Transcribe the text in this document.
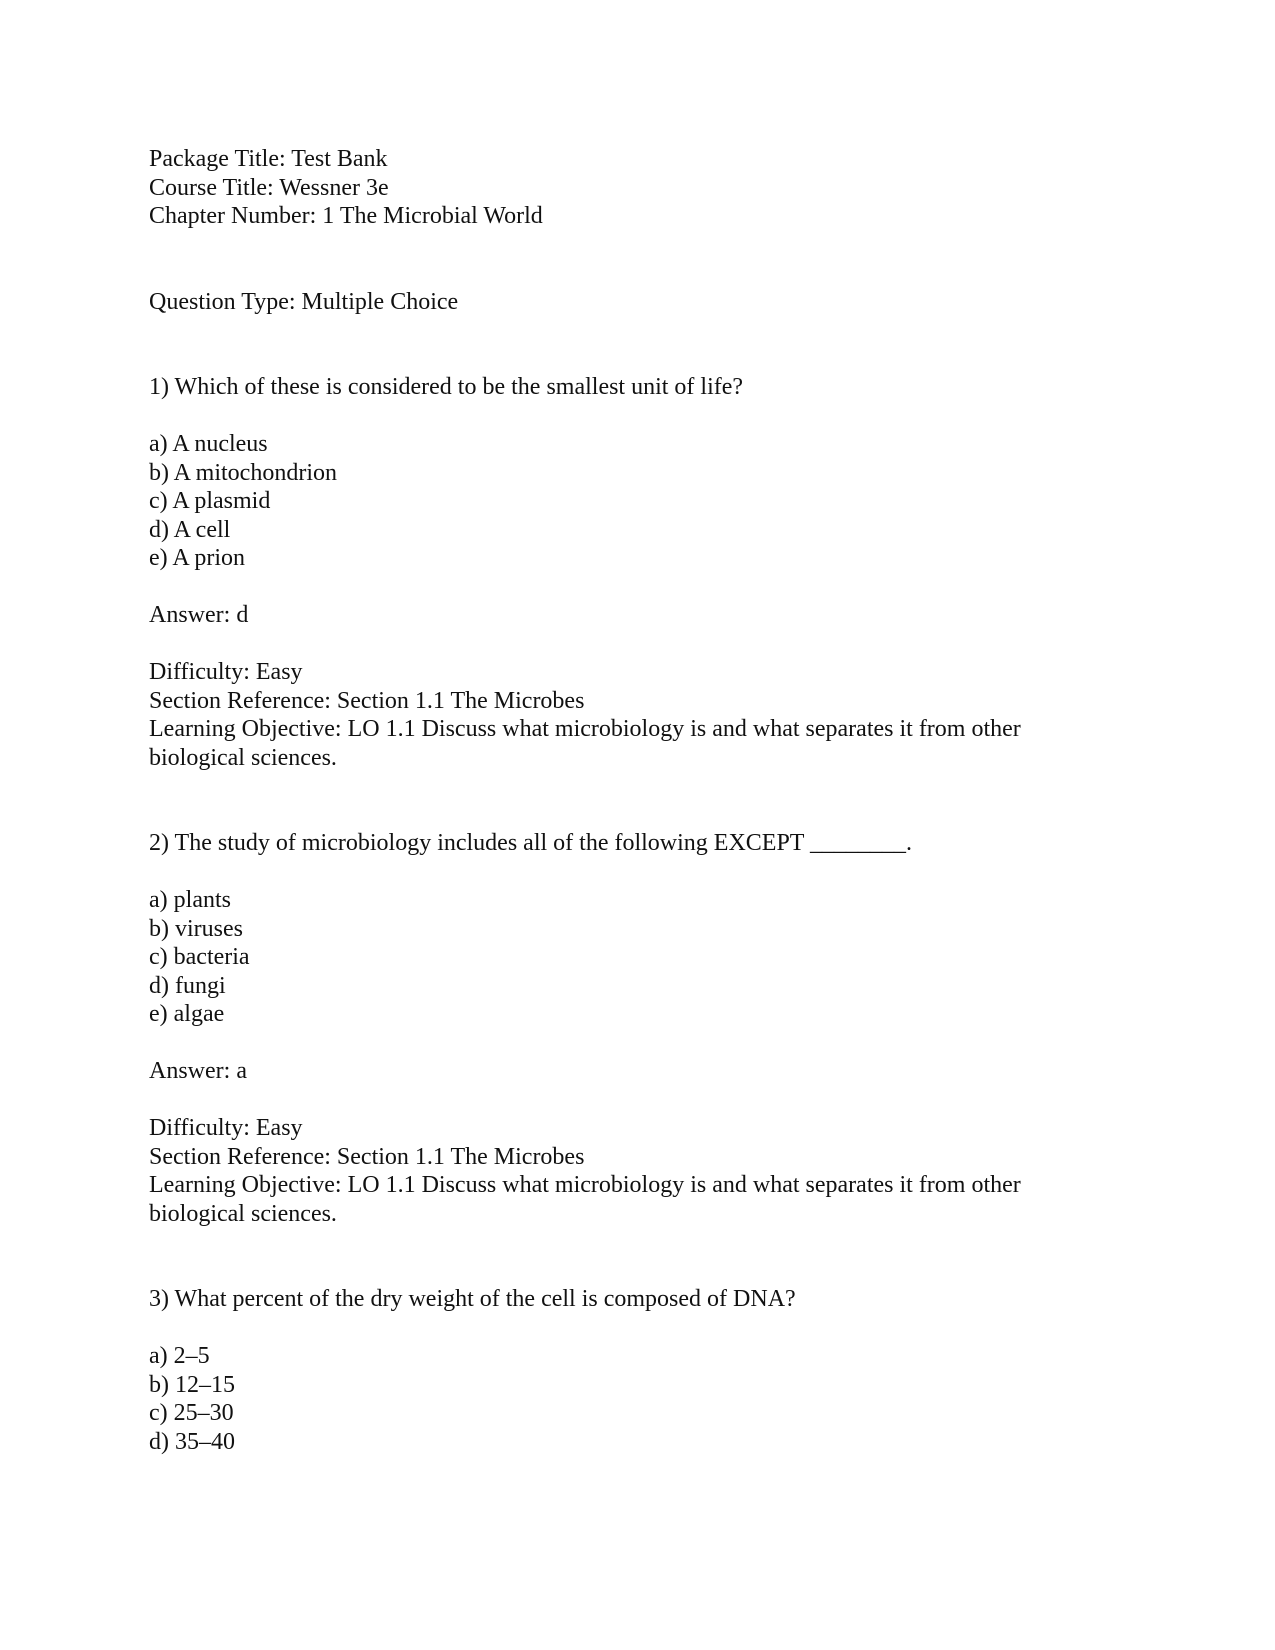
Package Title: Test Bank
Course Title: Wessner 3e
Chapter Number: 1 The Microbial World
Question Type: Multiple Choice
1) Which of these is considered to be the smallest unit of life?
a) A nucleus
b) A mitochondrion
c) A plasmid
d) A cell
e) A prion
Answer: d
Difficulty: Easy
Section Reference: Section 1.1 The Microbes
Learning Objective: LO 1.1 Discuss what microbiology is and what separates it from other biological sciences.
2) The study of microbiology includes all of the following EXCEPT ________.
a) plants
b) viruses
c) bacteria
d) fungi
e) algae
Answer: a
Difficulty: Easy
Section Reference: Section 1.1 The Microbes
Learning Objective: LO 1.1 Discuss what microbiology is and what separates it from other biological sciences.
3) What percent of the dry weight of the cell is composed of DNA?
a) 2–5
b) 12–15
c) 25–30
d) 35–40
